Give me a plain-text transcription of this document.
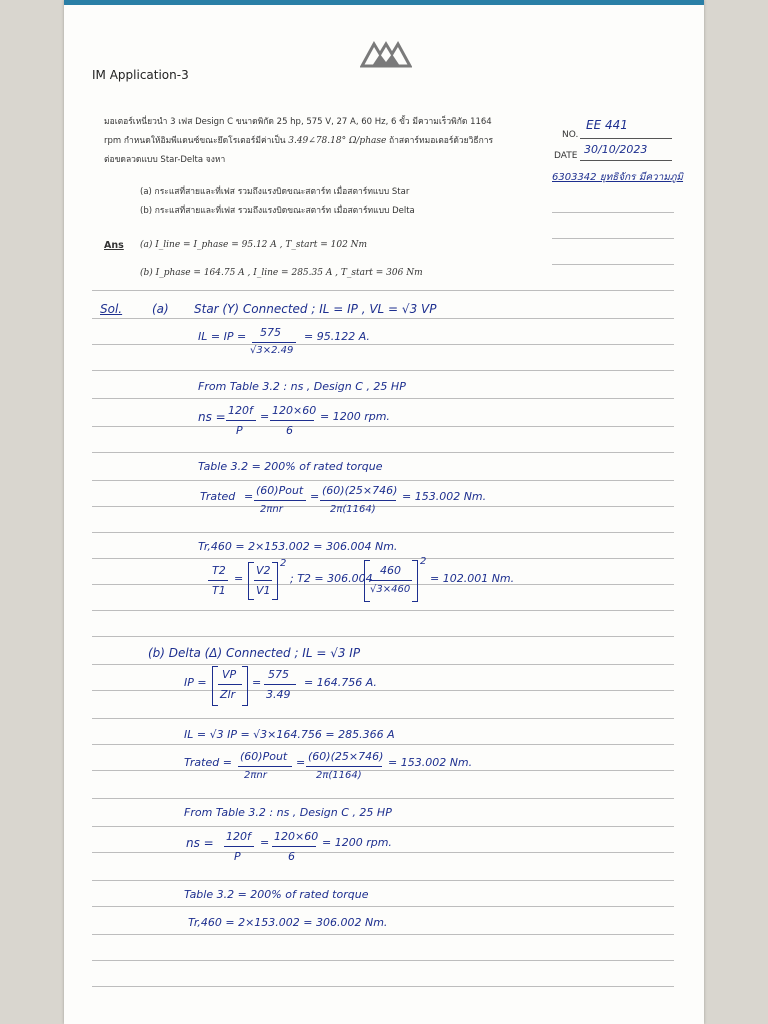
IM Application-3
มอเตอร์เหนี่ยวนำ 3 เฟส Design C ขนาดพิกัด 25 hp, 575 V, 27 A, 60 Hz, 6 ขั้ว มีความเร็วพิกัด 1164
rpm กำหนดให้อิมพีแดนซ์ขณะยึดโรเตอร์มีค่าเป็น 3.49∠78.18° Ω/phase ถ้าสตาร์ทมอเตอร์ด้วยวิธีการ
ต่อขดลวดแบบ Star-Delta จงหา
(a) กระแสที่สายและที่เฟส รวมถึงแรงบิดขณะสตาร์ท เมื่อสตาร์ทแบบ Star
(b) กระแสที่สายและที่เฟส รวมถึงแรงบิดขณะสตาร์ท เมื่อสตาร์ทแบบ Delta
NO.
EE 441
DATE 30/10/2023
6303342 ยุทธิจักร มีความภูมิ
Ans (a) I_line = I_phase = 95.12 A , T_start = 102 Nm
(b) I_phase = 164.75 A , I_line = 285.35 A , T_start = 306 Nm
Sol. (a) Star (Y) Connected ; IL = IP , VL = √3 VP
IL = IP = 575
√3×2.49
= 95.122 A.
From Table 3.2 : ns , Design C , 25 HP
ns = 120f
P
= 120×60
6
= 1200 rpm.
Table 3.2 = 200% of rated torque
Trated = (60)Pout
2πnr
= (60)(25×746)
2π(1164)
= 153.002 Nm.
Tr,460 = 2×153.002 = 306.004 Nm.
T2
T1
=
V2
V1
2
; T2 = 306.004
460
√3×460
2
= 102.001 Nm.
(b) Delta (Δ) Connected ; IL = √3 IP
IP =
VP
Zlr
=
575
3.49
= 164.756 A.
IL = √3 IP = √3×164.756 = 285.366 A
Trated = (60)Pout
2πnr
= (60)(25×746)
2π(1164)
= 153.002 Nm.
From Table 3.2 : ns , Design C , 25 HP
ns = 120f
P
= 120×60
6
= 1200 rpm.
Table 3.2 = 200% of rated torque
Tr,460 = 2×153.002 = 306.002 Nm.
